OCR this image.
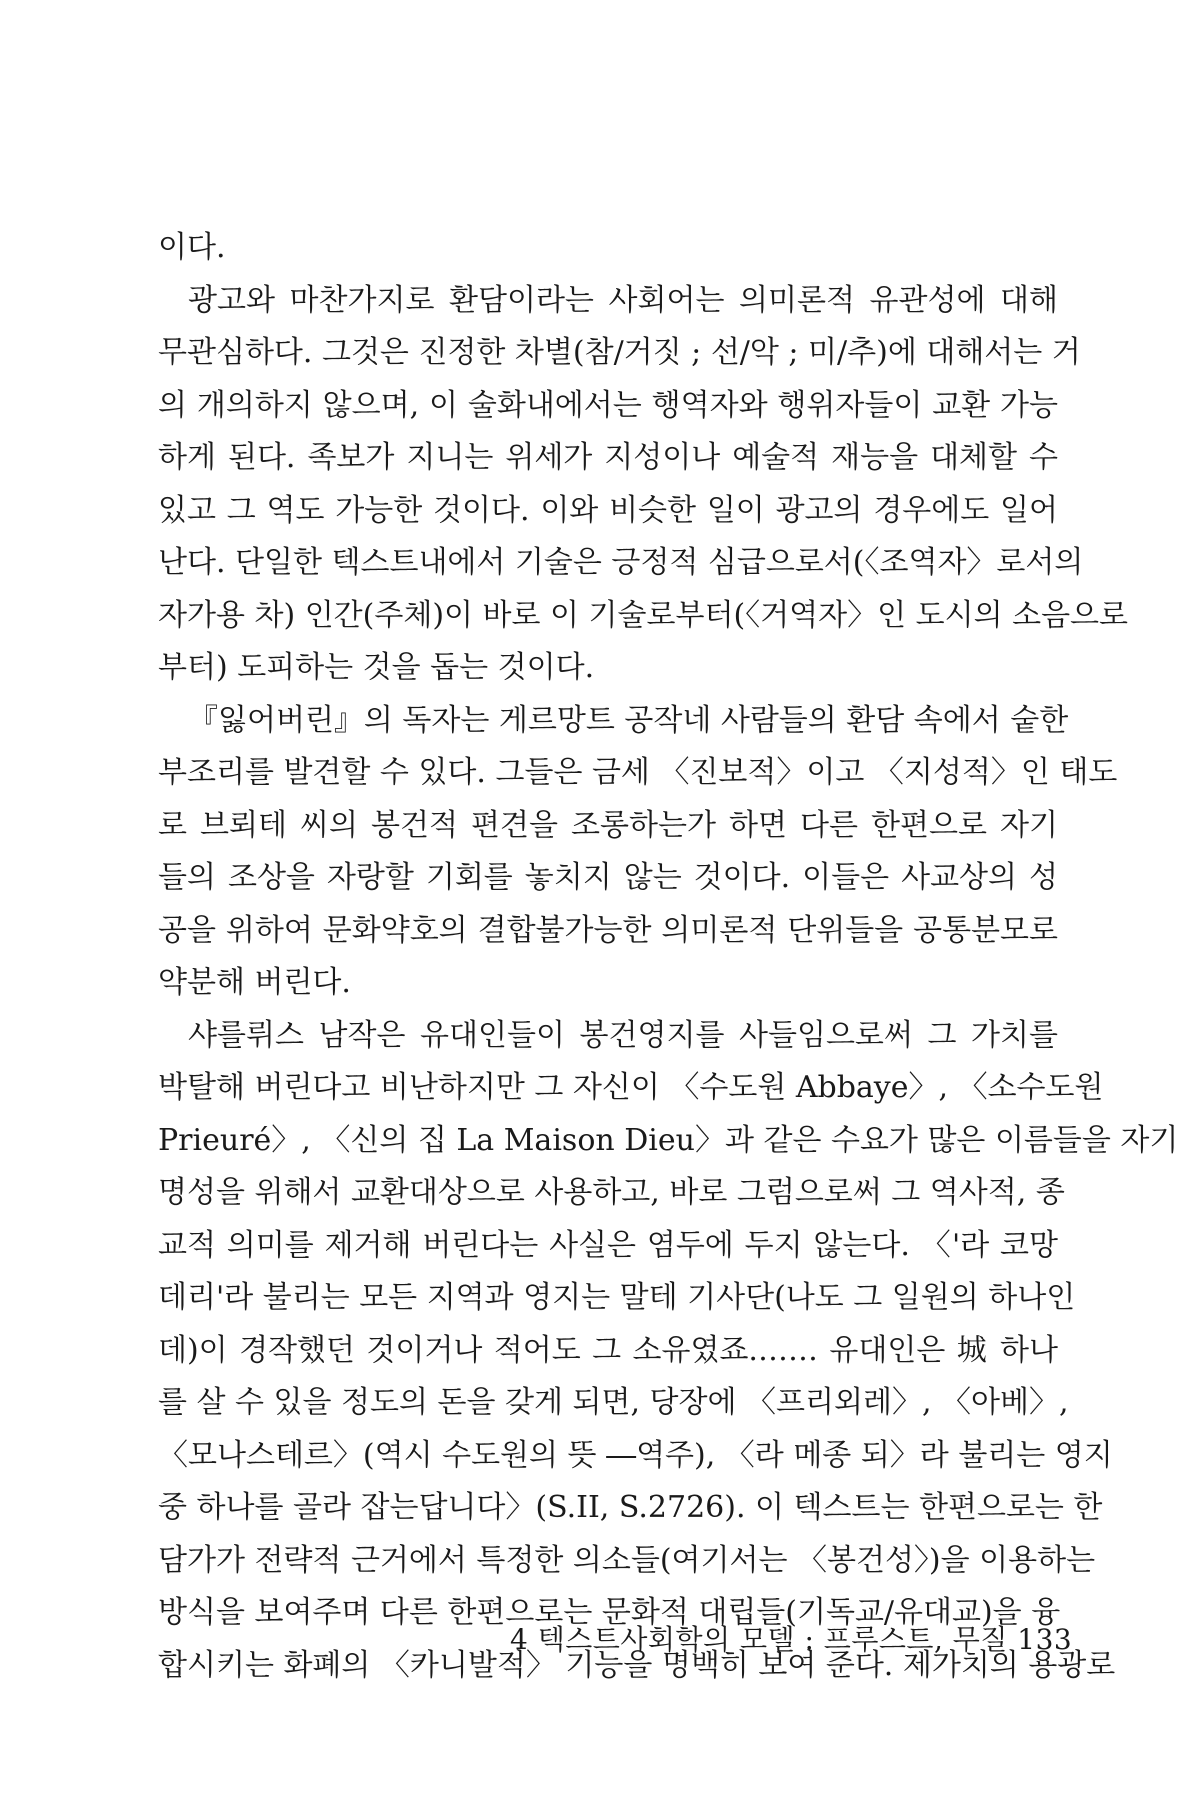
이다.
광고와 마찬가지로 환담이라는 사회어는 의미론적 유관성에 대해
무관심하다. 그것은 진정한 차별(참/거짓 ; 선/악 ; 미/추)에 대해서는 거
의 개의하지 않으며, 이 술화내에서는 행역자와 행위자들이 교환 가능
하게 된다. 족보가 지니는 위세가 지성이나 예술적 재능을 대체할 수
있고 그 역도 가능한 것이다. 이와 비슷한 일이 광고의 경우에도 일어
난다. 단일한 텍스트내에서 기술은 긍정적 심급으로서(〈조역자〉로서의
자가용 차) 인간(주체)이 바로 이 기술로부터(〈거역자〉인 도시의 소음으로
부터) 도피하는 것을 돕는 것이다.
『잃어버린』의 독자는 게르망트 공작네 사람들의 환담 속에서 숱한
부조리를 발견할 수 있다. 그들은 금세 〈진보적〉이고 〈지성적〉인 태도
로 브뢰테 씨의 봉건적 편견을 조롱하는가 하면 다른 한편으로 자기
들의 조상을 자랑할 기회를 놓치지 않는 것이다. 이들은 사교상의 성
공을 위하여 문화약호의 결합불가능한 의미론적 단위들을 공통분모로
약분해 버린다.
샤를뤼스 남작은 유대인들이 봉건영지를 사들임으로써 그 가치를
박탈해 버린다고 비난하지만 그 자신이 〈수도원 Abbaye〉, 〈소수도원
Prieuré〉, 〈신의 집 La Maison Dieu〉과 같은 수요가 많은 이름들을 자기
명성을 위해서 교환대상으로 사용하고, 바로 그럼으로써 그 역사적, 종
교적 의미를 제거해 버린다는 사실은 염두에 두지 않는다. 〈'라 코망
데리'라 불리는 모든 지역과 영지는 말테 기사단(나도 그 일원의 하나인
데)이 경작했던 것이거나 적어도 그 소유였죠.…… 유대인은 城 하나
를 살 수 있을 정도의 돈을 갖게 되면, 당장에 〈프리외레〉, 〈아베〉,
〈모나스테르〉(역시 수도원의 뜻 ―역주), 〈라 메종 되〉라 불리는 영지
중 하나를 골라 잡는답니다〉(S.II, S.2726). 이 텍스트는 한편으로는 한
담가가 전략적 근거에서 특정한 의소들(여기서는 〈봉건성〉)을 이용하는
방식을 보여주며 다른 한편으로는 문화적 대립들(기독교/유대교)을 융
합시키는 화폐의 〈카니발적〉 기능을 명백히 보여 준다. 제가치의 용광로
4 텍스트사회학의 모델 : 프루스트, 무질 133
